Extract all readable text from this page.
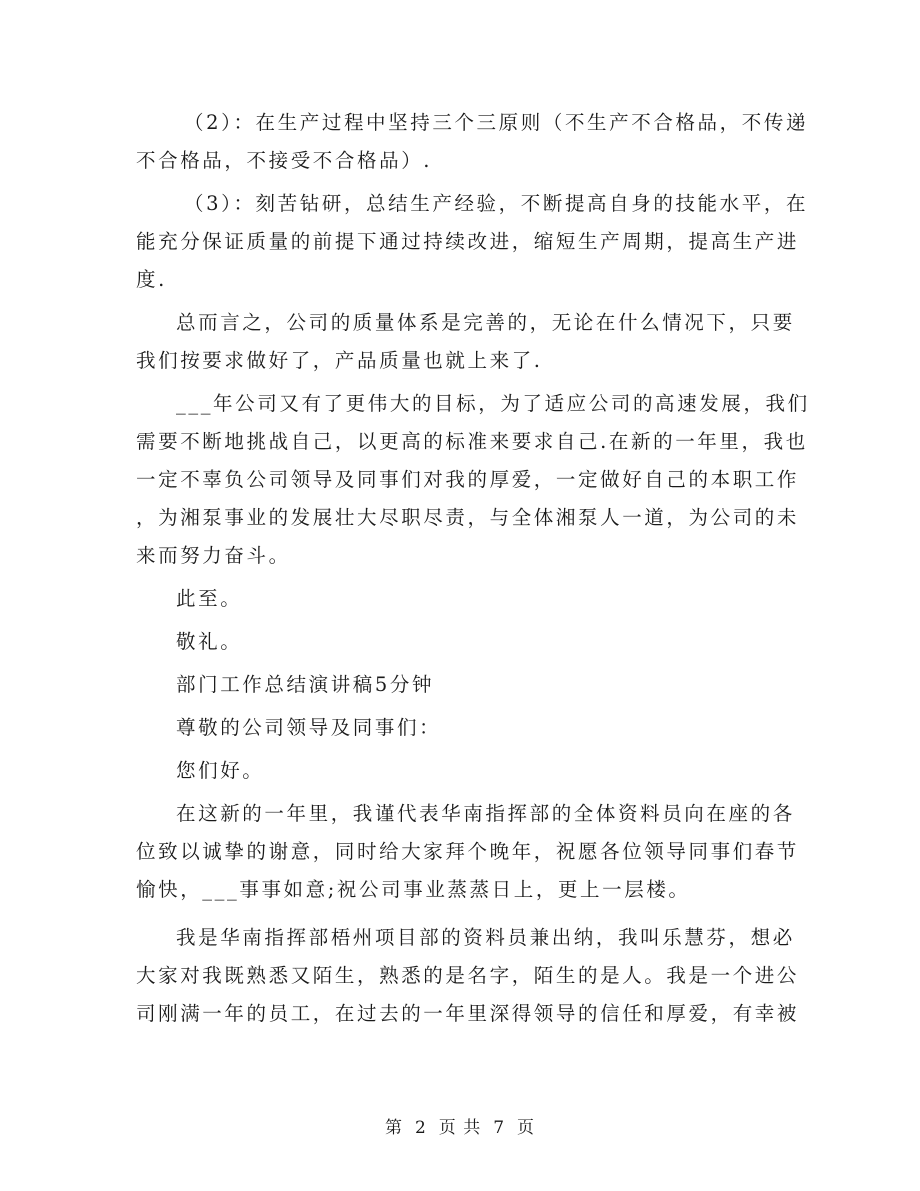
（2）：在生产过程中坚持三个三原则（不生产不合格品，不传递
不合格品，不接受不合格品）.
（3）：刻苦钻研，总结生产经验，不断提高自身的技能水平，在
能充分保证质量的前提下通过持续改进，缩短生产周期，提高生产进
度.
总而言之，公司的质量体系是完善的，无论在什么情况下，只要
我们按要求做好了，产品质量也就上来了.
___年公司又有了更伟大的目标，为了适应公司的高速发展，我们
需要不断地挑战自己，以更高的标准来要求自己.在新的一年里，我也
一定不辜负公司领导及同事们对我的厚爱，一定做好自己的本职工作
，为湘泵事业的发展壮大尽职尽责，与全体湘泵人一道，为公司的未
来而努力奋斗。
此至。
敬礼。
部门工作总结演讲稿5分钟
尊敬的公司领导及同事们：
您们好。
在这新的一年里，我谨代表华南指挥部的全体资料员向在座的各
位致以诚挚的谢意，同时给大家拜个晚年，祝愿各位领导同事们春节
愉快，___事事如意;祝公司事业蒸蒸日上，更上一层楼。
我是华南指挥部梧州项目部的资料员兼出纳，我叫乐慧芬，想必
大家对我既熟悉又陌生，熟悉的是名字，陌生的是人。我是一个进公
司刚满一年的员工，在过去的一年里深得领导的信任和厚爱，有幸被
第 2 页 共 7 页
